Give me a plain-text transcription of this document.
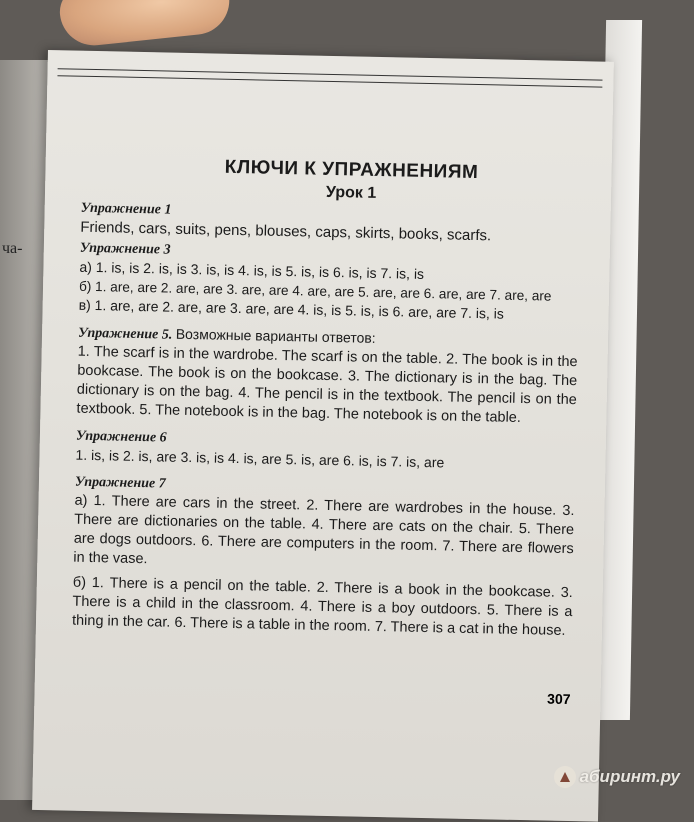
ча-
КЛЮЧИ К УПРАЖНЕНИЯМ
Урок 1
Упражнение 1
Friends, cars, suits, pens, blouses, caps, skirts, books, scarfs.
Упражнение 3
а) 1. is, is 2. is, is 3. is, is 4. is, is 5. is, is 6. is, is 7. is, is
б) 1. are, are 2. are, are 3. are, are 4. are, are 5. are, are 6. are, are 7. are, are
в) 1. are, are 2. are, are 3. are, are 4. is, is 5. is, is 6. are, are 7. is, is
Упражнение 5. Возможные варианты ответов:
1. The scarf is in the wardrobe. The scarf is on the table. 2. The book is in the bookcase. The book is on the bookcase. 3. The dictionary is in the bag. The dictionary is on the bag. 4. The pencil is in the textbook. The pencil is on the textbook. 5. The notebook is in the bag. The notebook is on the table.
Упражнение 6
1. is, is 2. is, are 3. is, is 4. is, are 5. is, are 6. is, is 7. is, are
Упражнение 7
а) 1. There are cars in the street. 2. There are wardrobes in the house. 3. There are dictionaries on the table. 4. There are cats on the chair. 5. There are dogs outdoors. 6. There are computers in the room. 7. There are flowers in the vase.
б) 1. There is a pencil on the table. 2. There is a book in the bookcase. 3. There is a child in the classroom. 4. There is a boy outdoors. 5. There is a thing in the car. 6. There is a table in the room. 7. There is a cat in the house.
307
абиринт.ру
